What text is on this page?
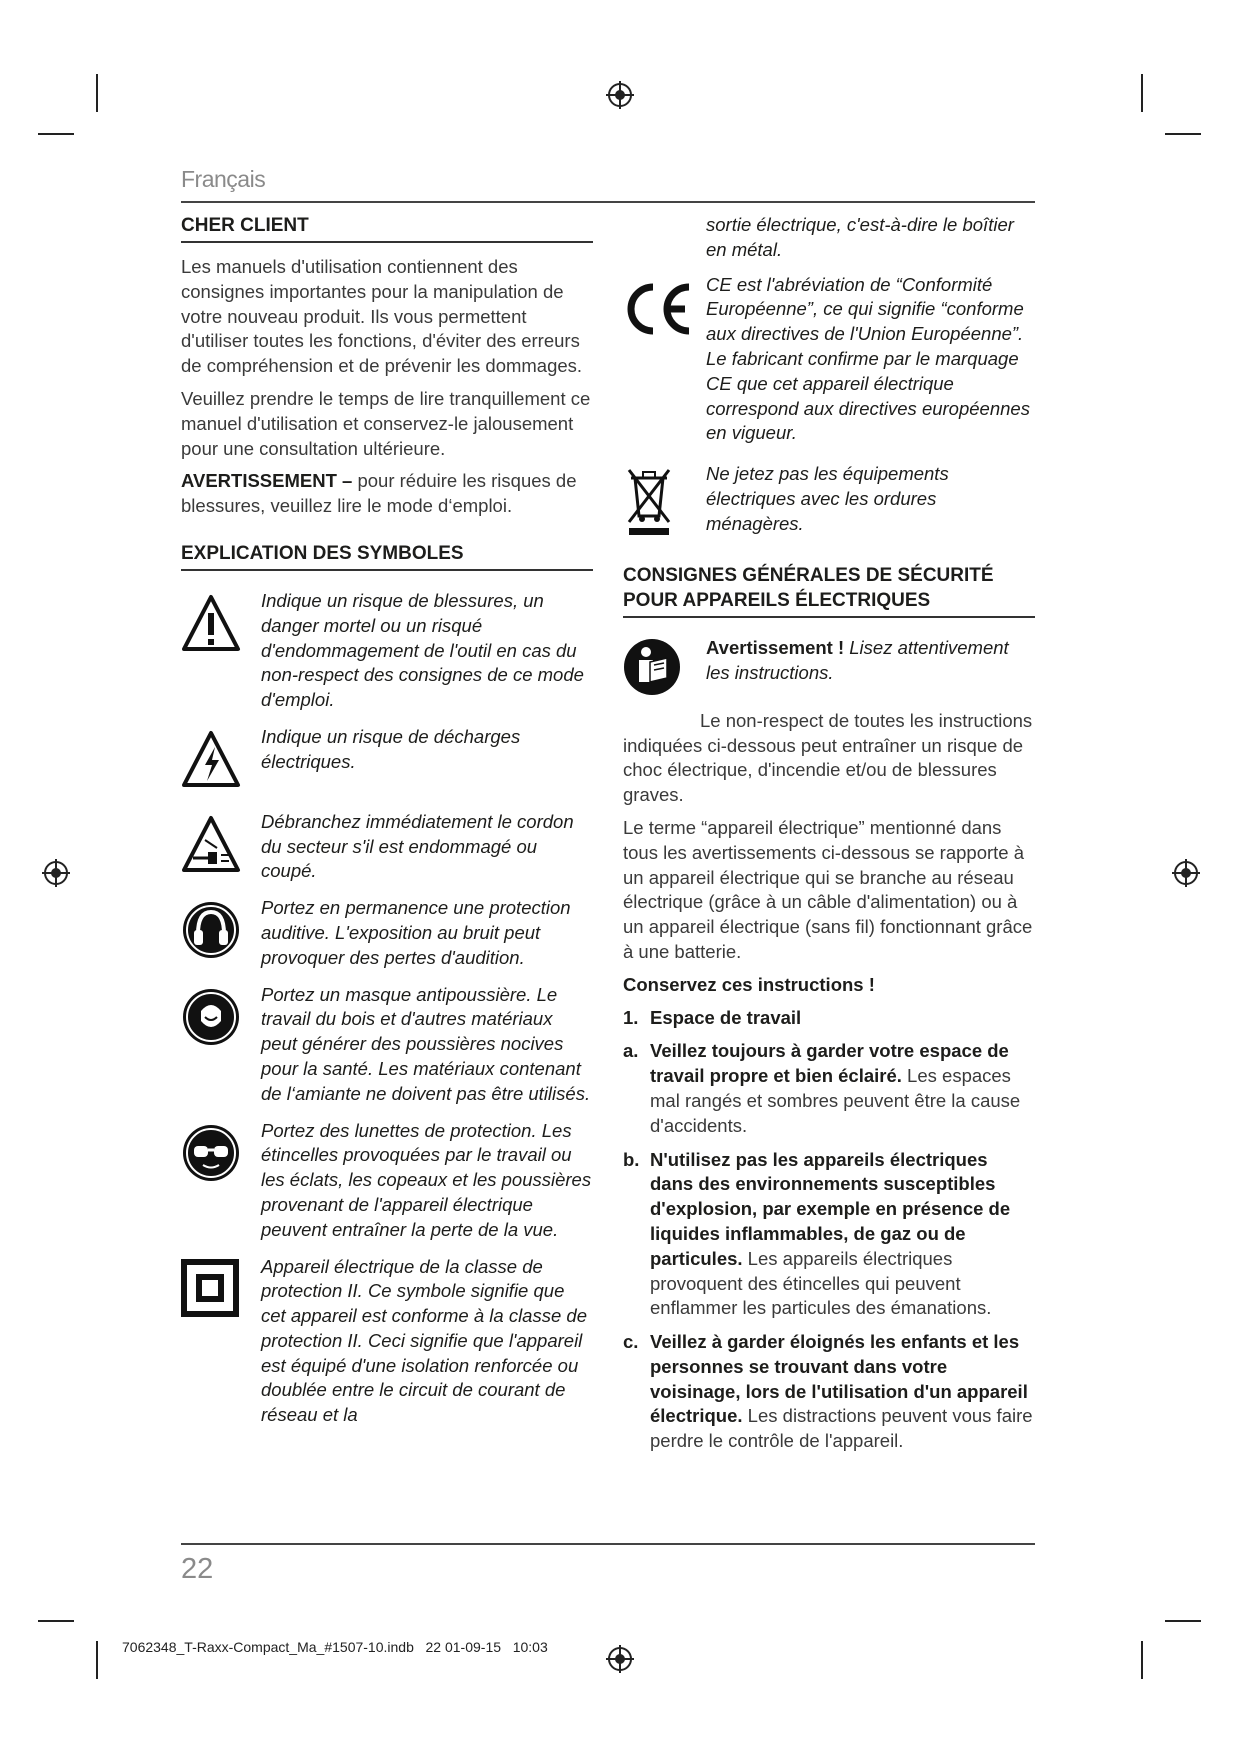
Français
CHER CLIENT

Les manuels d'utilisation contiennent des consignes importantes pour la manipulation de votre nouveau produit. Ils vous permettent d'utiliser toutes les fonctions, d'éviter des erreurs de compréhension et de prévenir les dommages.

Veuillez prendre le temps de lire tranquillement ce manuel d'utilisation et conservez-le jalousement pour une consultation ultérieure.

AVERTISSEMENT – pour réduire les risques de blessures, veuillez lire le mode d‘emploi.

EXPLICATION DES SYMBOLES
Indique un risque de blessures, un danger mortel ou un risqué d'endommagement de l'outil en cas du non-respect des consignes de ce mode d'emploi.
Indique un risque de décharges électriques.
Débranchez immédiatement le cordon du secteur s'il est endommagé ou coupé.
Portez en permanence une protection auditive. L'exposition au bruit peut provoquer des pertes d'audition.
Portez un masque antipoussière. Le travail du bois et d'autres matériaux peut générer des poussières nocives pour la santé. Les matériaux contenant de l‘amiante ne doivent pas être utilisés.
Portez des lunettes de protection. Les étincelles provoquées par le travail ou les éclats, les copeaux et les poussières provenant de l'appareil électrique peuvent entraîner la perte de la vue.
Appareil électrique de la classe de protection II. Ce symbole signifie que cet appareil est conforme à la classe de protection II. Ceci signifie que l'appareil est équipé d'une isolation renforcée ou doublée entre le circuit de courant de réseau et la

sortie électrique, c'est-à-dire le boîtier en métal.

CE	CE est l'abréviation de “Conformité Européenne”, ce qui signifie “conforme aux directives de l'Union Européenne”. Le fabricant confirme par le marquage CE que cet appareil électrique correspond aux directives européennes en vigueur.
Ne jetez pas les équipements électriques avec les ordures ménagères.
CONSIGNES GÉNÉRALES DE SÉCURITÉ
POUR APPAREILS ÉLECTRIQUES
Avertissement ! Lisez attentivement les instructions.

Le non-respect de toutes les instructions indiquées ci-dessous peut entraîner un risque de choc électrique, d'incendie et/ou de blessures graves.

Le terme “appareil électrique” mentionné dans tous les avertissements ci-dessous se rapporte à un appareil électrique qui se branche au réseau électrique (grâce à un câble d'alimentation) ou à un appareil électrique (sans fil) fonctionnant grâce à une batterie.

Conservez ces instructions !

1. Espace de travail
a. Veillez toujours à garder votre espace de travail propre et bien éclairé. Les espaces mal rangés et sombres peuvent être la cause d'accidents.
b. N'utilisez pas les appareils électriques dans des environnements susceptibles d'explosion, par exemple en présence de liquides inflammables, de gaz ou de particules. Les appareils électriques provoquent des étincelles qui peuvent enflammer les particules des émanations.
c. Veillez à garder éloignés les enfants et les personnes se trouvant dans votre voisinage, lors de l'utilisation d'un appareil électrique. Les distractions peuvent vous faire perdre le contrôle de l'appareil.
22
7062348_T-Raxx-Compact_Ma_#1507-10.indb   22 01-09-15   10:03
